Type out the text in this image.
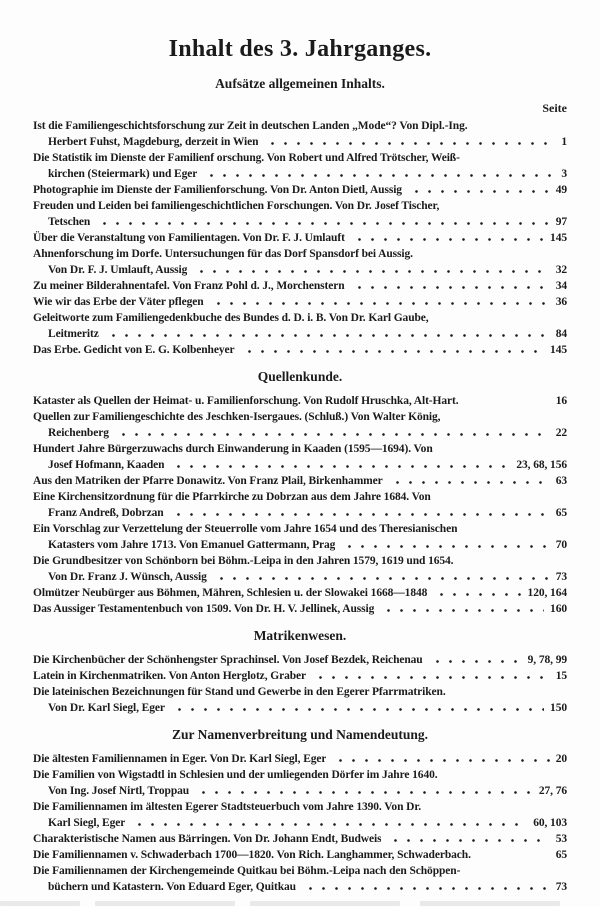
Inhalt des 3. Jahrganges.
Aufsätze allgemeinen Inhalts.
Seite
Ist die Familiengeschichtsforschung zur Zeit in deutschen Landen „Mode“? Von Dipl.-Ing.
Herbert Fuhst, Magdeburg, derzeit in Wien	1
Die Statistik im Dienste der Familienf orschung. Von Robert und Alfred Trötscher, Weiß-
kirchen (Steiermark) und Eger	3
Photographie im Dienste der Familienforschung. Von Dr. Anton Dietl, Aussig	49
Freuden und Leiden bei familiengeschichtlichen Forschungen. Von Dr. Josef Tischer,
Tetschen	97
Über die Veranstaltung von Familientagen. Von Dr. F. J. Umlauft	145
Ahnenforschung im Dorfe. Untersuchungen für das Dorf Spansdorf bei Aussig.
Von Dr. F. J. Umlauft, Aussig	32
Zu meiner Bilderahnentafel. Von Franz Pohl d. J., Morchenstern	34
Wie wir das Erbe der Väter pflegen	36
Geleitworte zum Familiengedenkbuche des Bundes d. D. i. B. Von Dr. Karl Gaube,
Leitmeritz	84
Das Erbe. Gedicht von E. G. Kolbenheyer	145
Quellenkunde.
Kataster als Quellen der Heimat- u. Familienforschung. Von Rudolf Hruschka, Alt-Hart.	16
Quellen zur Familiengeschichte des Jeschken-Isergaues. (Schluß.) Von Walter König,
Reichenberg	22
Hundert Jahre Bürgerzuwachs durch Einwanderung in Kaaden (1595—1694). Von
Josef Hofmann, Kaaden	23, 68, 156
Aus den Matriken der Pfarre Donawitz. Von Franz Plail, Birkenhammer	63
Eine Kirchensitzordnung für die Pfarrkirche zu Dobrzan aus dem Jahre 1684. Von
Franz Andreß, Dobrzan	65
Ein Vorschlag zur Verzettelung der Steuerrolle vom Jahre 1654 und des Theresianischen
Katasters vom Jahre 1713. Von Emanuel Gattermann, Prag	70
Die Grundbesitzer von Schönborn bei Böhm.-Leipa in den Jahren 1579, 1619 und 1654.
Von Dr. Franz J. Wünsch, Aussig	73
Olmützer Neubürger aus Böhmen, Mähren, Schlesien u. der Slowakei 1668—1848	120, 164
Das Aussiger Testamentenbuch von 1509. Von Dr. H. V. Jellinek, Aussig	160
Matrikenwesen.
Die Kirchenbücher der Schönhengster Sprachinsel. Von Josef Bezdek, Reichenau	9, 78, 99
Latein in Kirchenmatriken. Von Anton Herglotz, Graber	15
Die lateinischen Bezeichnungen für Stand und Gewerbe in den Egerer Pfarrmatriken.
Von Dr. Karl Siegl, Eger	150
Zur Namenverbreitung und Namendeutung.
Die ältesten Familiennamen in Eger. Von Dr. Karl Siegl, Eger	20
Die Familien von Wigstadtl in Schlesien und der umliegenden Dörfer im Jahre 1640.
Von Ing. Josef Nirtl, Troppau	27, 76
Die Familiennamen im ältesten Egerer Stadtsteuerbuch vom Jahre 1390. Von Dr.
Karl Siegl, Eger	60, 103
Charakteristische Namen aus Bärringen. Von Dr. Johann Endt, Budweis	53
Die Familiennamen v. Schwaderbach 1700—1820. Von Rich. Langhammer, Schwaderbach.	65
Die Familiennamen der Kirchengemeinde Quitkau bei Böhm.-Leipa nach den Schöppen-
büchern und Katastern. Von Eduard Eger, Quitkau	73
